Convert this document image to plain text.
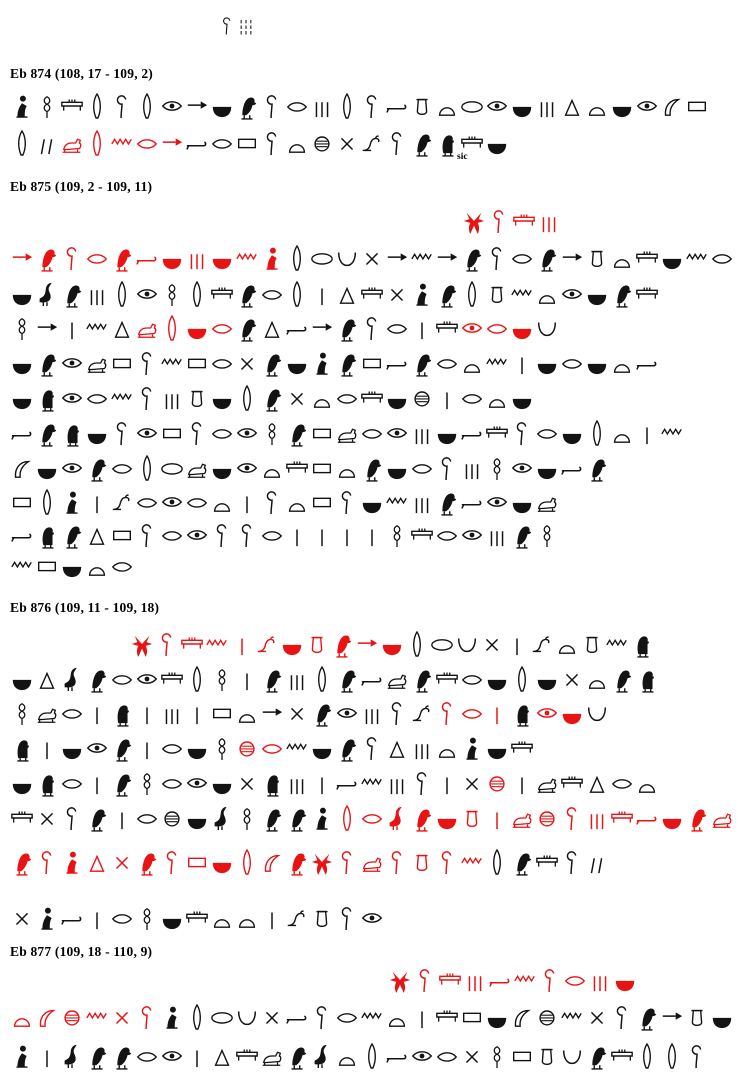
Eb 874 (108, 17 - 109, 2)
Eb 875 (109, 2 - 109, 11)
Eb 876 (109, 11 - 109, 18)
Eb 877 (109, 18 - 110, 9)
sic
